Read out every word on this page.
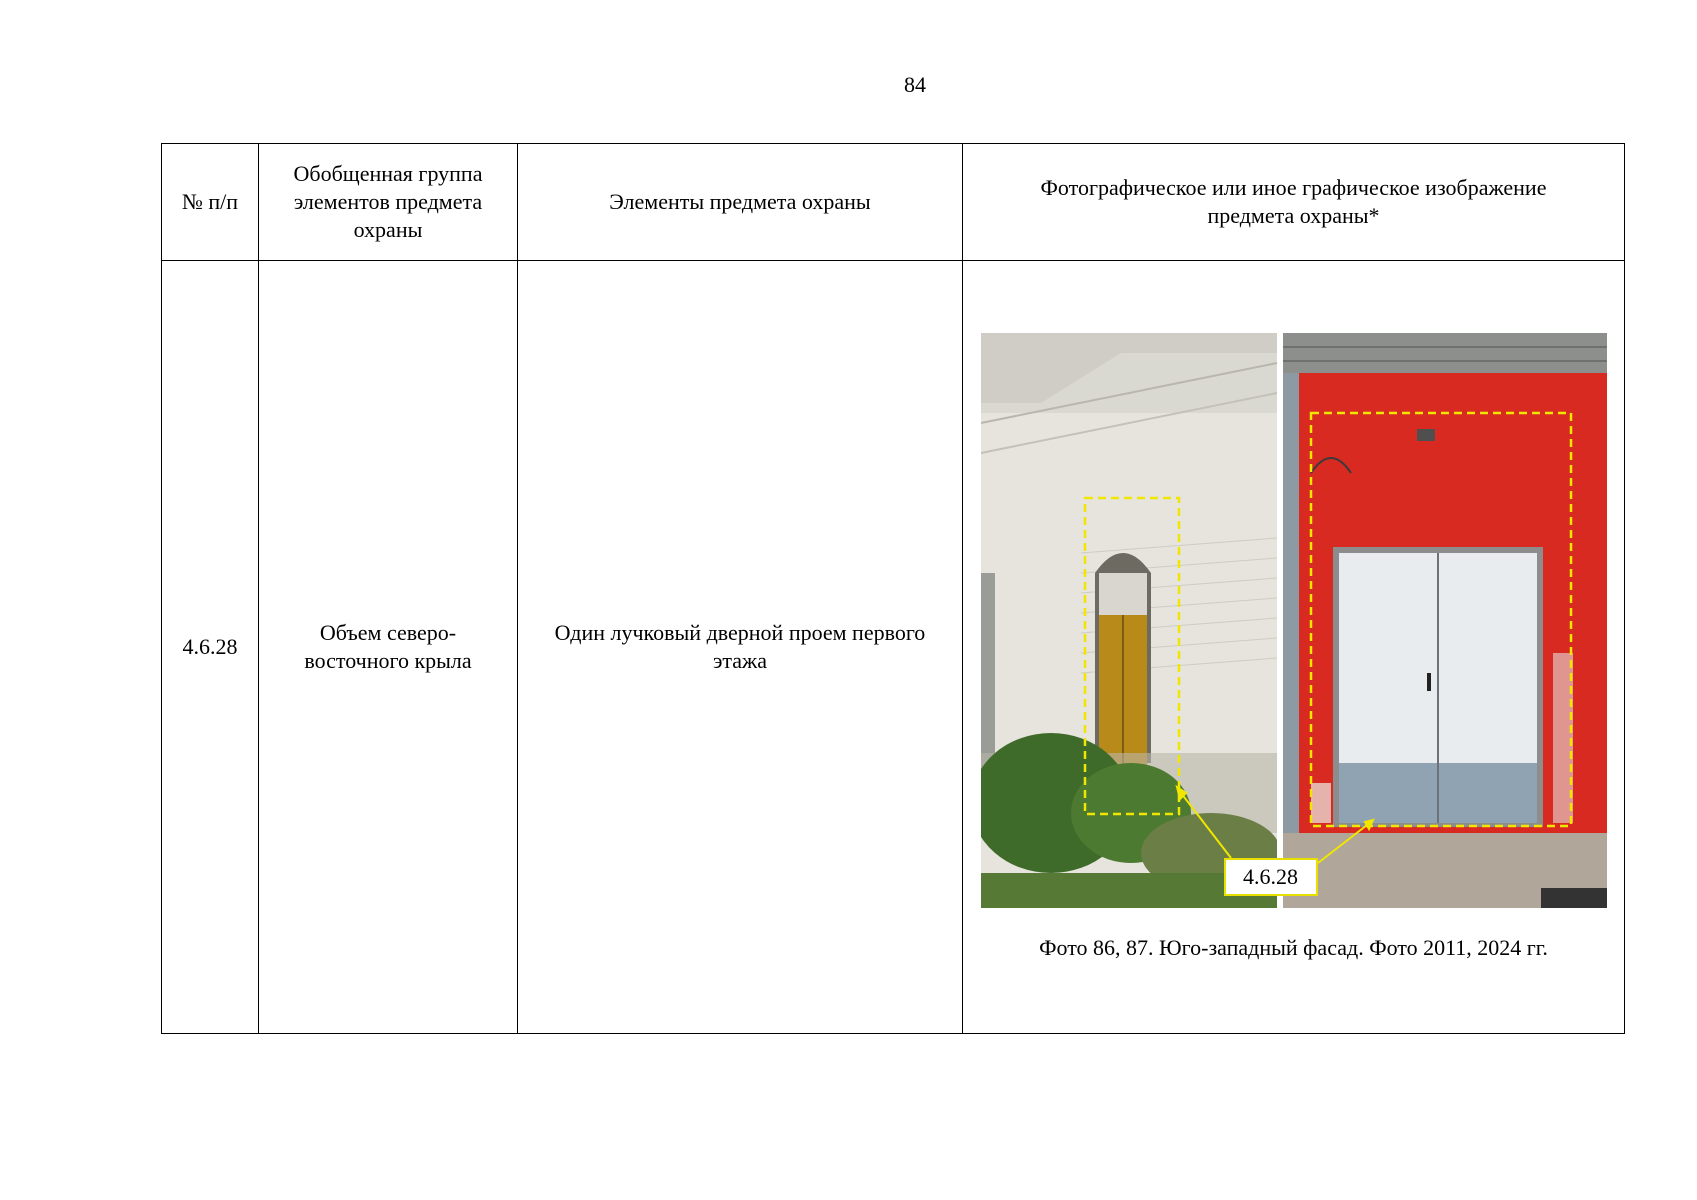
84
№ п/п	Обобщенная группа элементов предмета охраны	Элементы предмета охраны	Фотографическое или иное графическое изображение предмета охраны*
4.6.28	Объем северо-восточного крыла	Один лучковый дверной проем первого этажа	4.6.28
Фото 86, 87. Юго-западный фасад. Фото 2011, 2024 гг.
